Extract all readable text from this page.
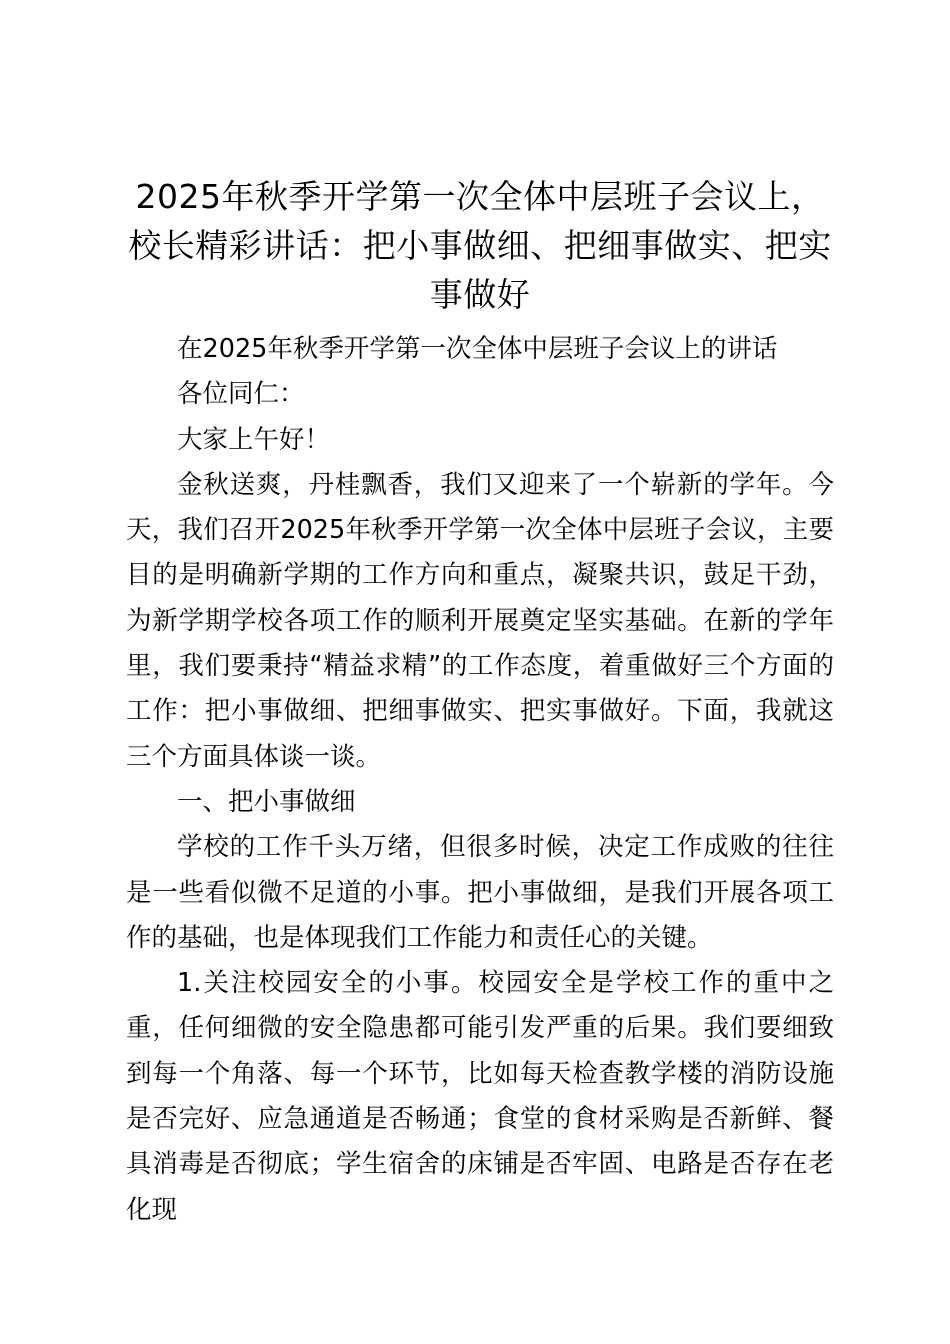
2025年秋季开学第一次全体中层班子会议上，校长精彩讲话：把小事做细、把细事做实、把实事做好

在2025年秋季开学第一次全体中层班子会议上的讲话

各位同仁：

大家上午好！

金秋送爽，丹桂飘香，我们又迎来了一个崭新的学年。今天，我们召开2025年秋季开学第一次全体中层班子会议，主要目的是明确新学期的工作方向和重点，凝聚共识，鼓足干劲，为新学期学校各项工作的顺利开展奠定坚实基础。在新的学年里，我们要秉持“精益求精”的工作态度，着重做好三个方面的工作：把小事做细、把细事做实、把实事做好。下面，我就这三个方面具体谈一谈。

一、把小事做细

学校的工作千头万绪，但很多时候，决定工作成败的往往是一些看似微不足道的小事。把小事做细，是我们开展各项工作的基础，也是体现我们工作能力和责任心的关键。

1.关注校园安全的小事。校园安全是学校工作的重中之重，任何细微的安全隐患都可能引发严重的后果。我们要细致到每一个角落、每一个环节，比如每天检查教学楼的消防设施是否完好、应急通道是否畅通；食堂的食材采购是否新鲜、餐具消毒是否彻底；学生宿舍的床铺是否牢固、电路是否存在老化现
